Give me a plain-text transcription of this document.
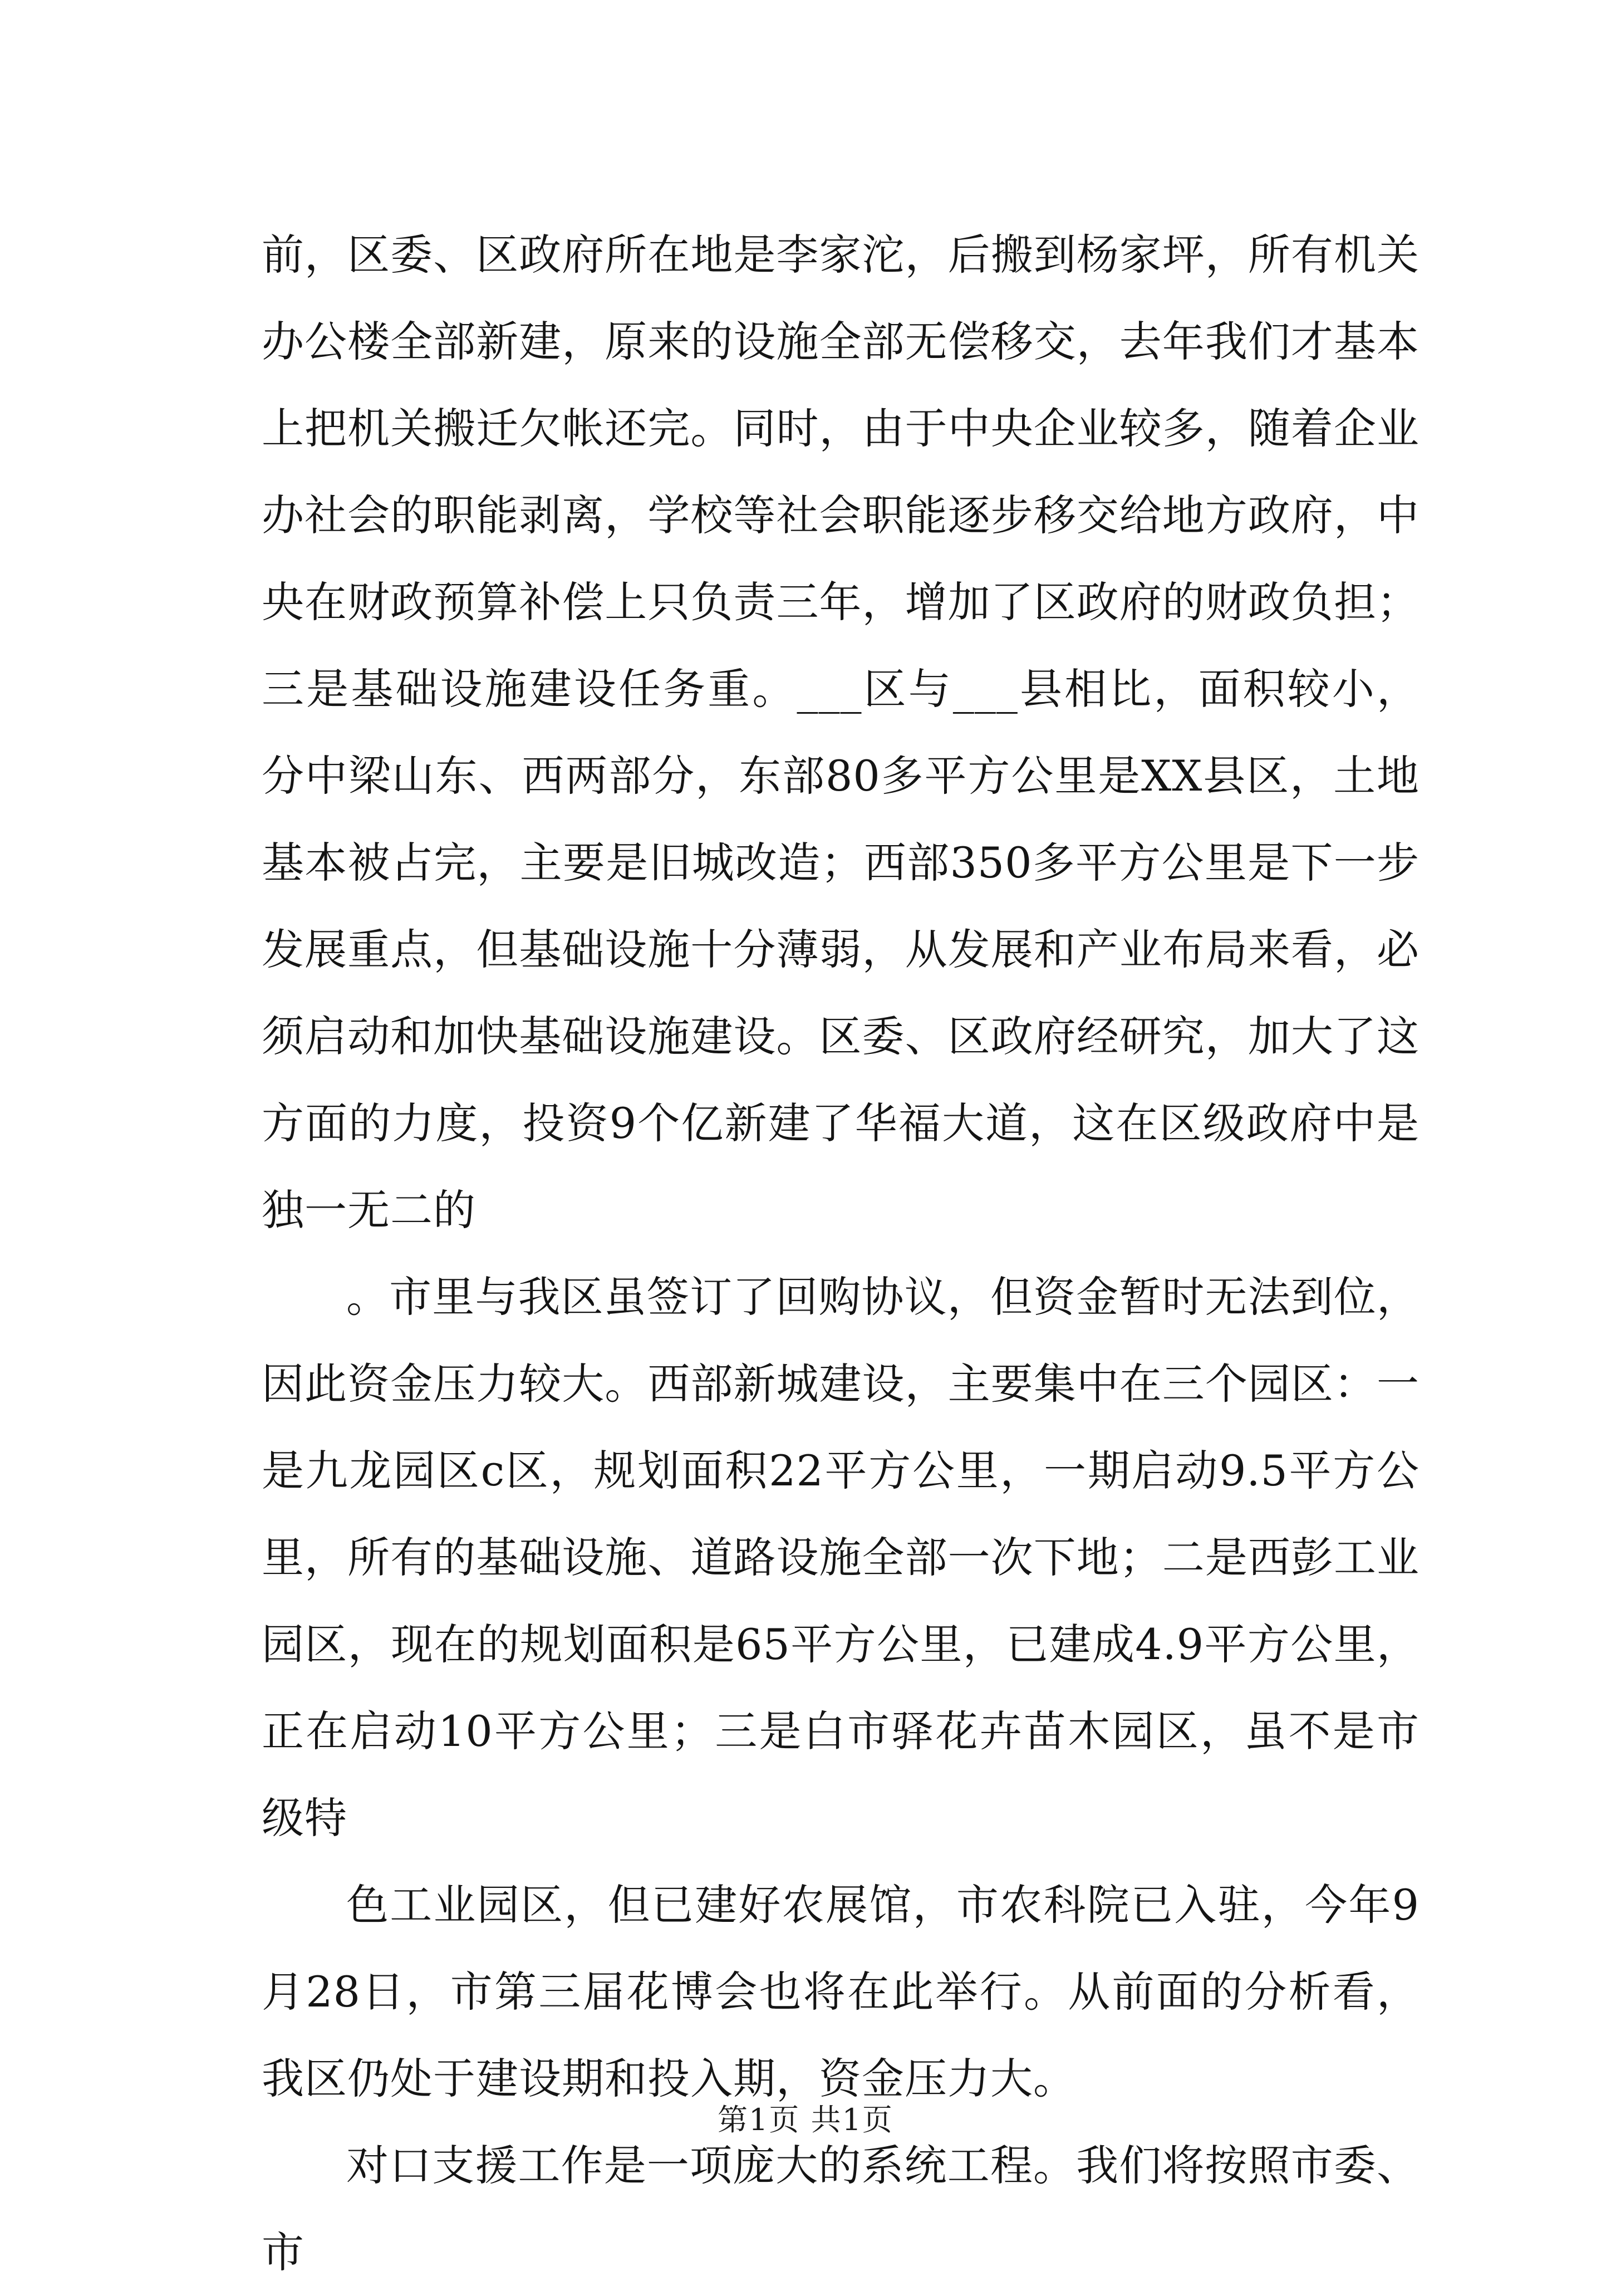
前，区委、区政府所在地是李家沱，后搬到杨家坪，所有机关办公楼全部新建，原来的设施全部无偿移交，去年我们才基本上把机关搬迁欠帐还完。同时，由于中央企业较多，随着企业办社会的职能剥离，学校等社会职能逐步移交给地方政府，中央在财政预算补偿上只负责三年，增加了区政府的财政负担；三是基础设施建设任务重。___区与___县相比，面积较小，分中梁山东、西两部分，东部80多平方公里是XX县区，土地基本被占完，主要是旧城改造；西部350多平方公里是下一步发展重点，但基础设施十分薄弱，从发展和产业布局来看，必须启动和加快基础设施建设。区委、区政府经研究，加大了这方面的力度，投资9个亿新建了华福大道，这在区级政府中是独一无二的

。市里与我区虽签订了回购协议，但资金暂时无法到位，因此资金压力较大。西部新城建设，主要集中在三个园区：一是九龙园区c区，规划面积22平方公里，一期启动9.5平方公里，所有的基础设施、道路设施全部一次下地；二是西彭工业园区，现在的规划面积是65平方公里，已建成4.9平方公里，正在启动10平方公里；三是白市驿花卉苗木园区，虽不是市级特

色工业园区，但已建好农展馆，市农科院已入驻，今年9月28日，市第三届花博会也将在此举行。从前面的分析看，我区仍处于建设期和投入期，资金压力大。

对口支援工作是一项庞大的系统工程。我们将按照市委、市

第1页 共1页
